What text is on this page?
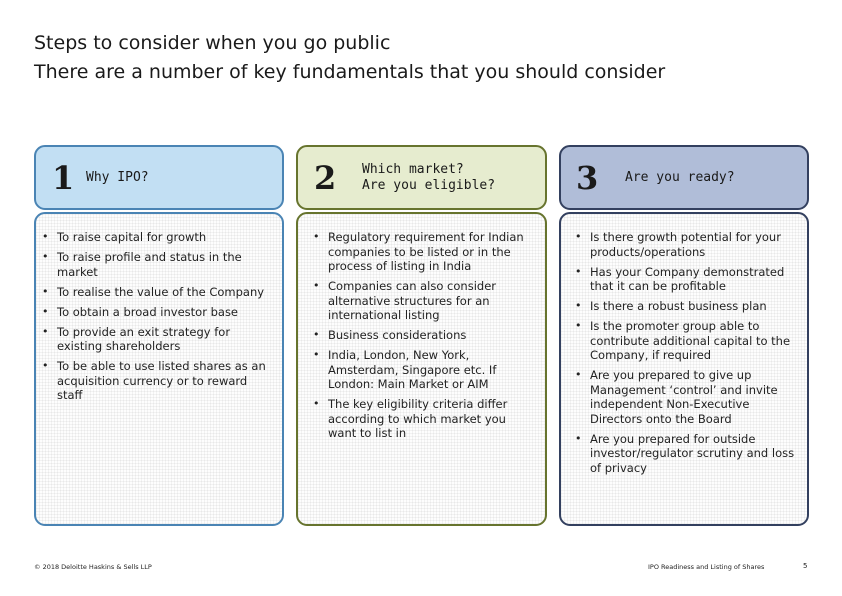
Steps to consider when you go public
There are a number of key fundamentals that you should consider
1 Why IPO?
• To raise capital for growth
• To raise profile and status in the market
• To realise the value of the Company
• To obtain a broad investor base
• To provide an exit strategy for existing shareholders
• To be able to use listed shares as an acquisition currency or to reward staff
2 Which market?
Are you eligible?
• Regulatory requirement for Indian companies to be listed or in the process of listing in India
• Companies can also consider alternative structures for an international listing
• Business considerations
• India, London, New York, Amsterdam, Singapore etc. If London: Main Market or AIM
• The key eligibility criteria differ according to which market you want to list in
3 Are you ready?
• Is there growth potential for your products/operations
• Has your Company demonstrated that it can be profitable
• Is there a robust business plan
• Is the promoter group able to contribute additional capital to the Company, if required
• Are you prepared to give up Management ‘control’ and invite independent Non-Executive Directors onto the Board
• Are you prepared for outside investor/regulator scrutiny and loss of privacy
© 2018 Deloitte Haskins & Sells LLP	IPO Readiness and Listing of Shares	5
